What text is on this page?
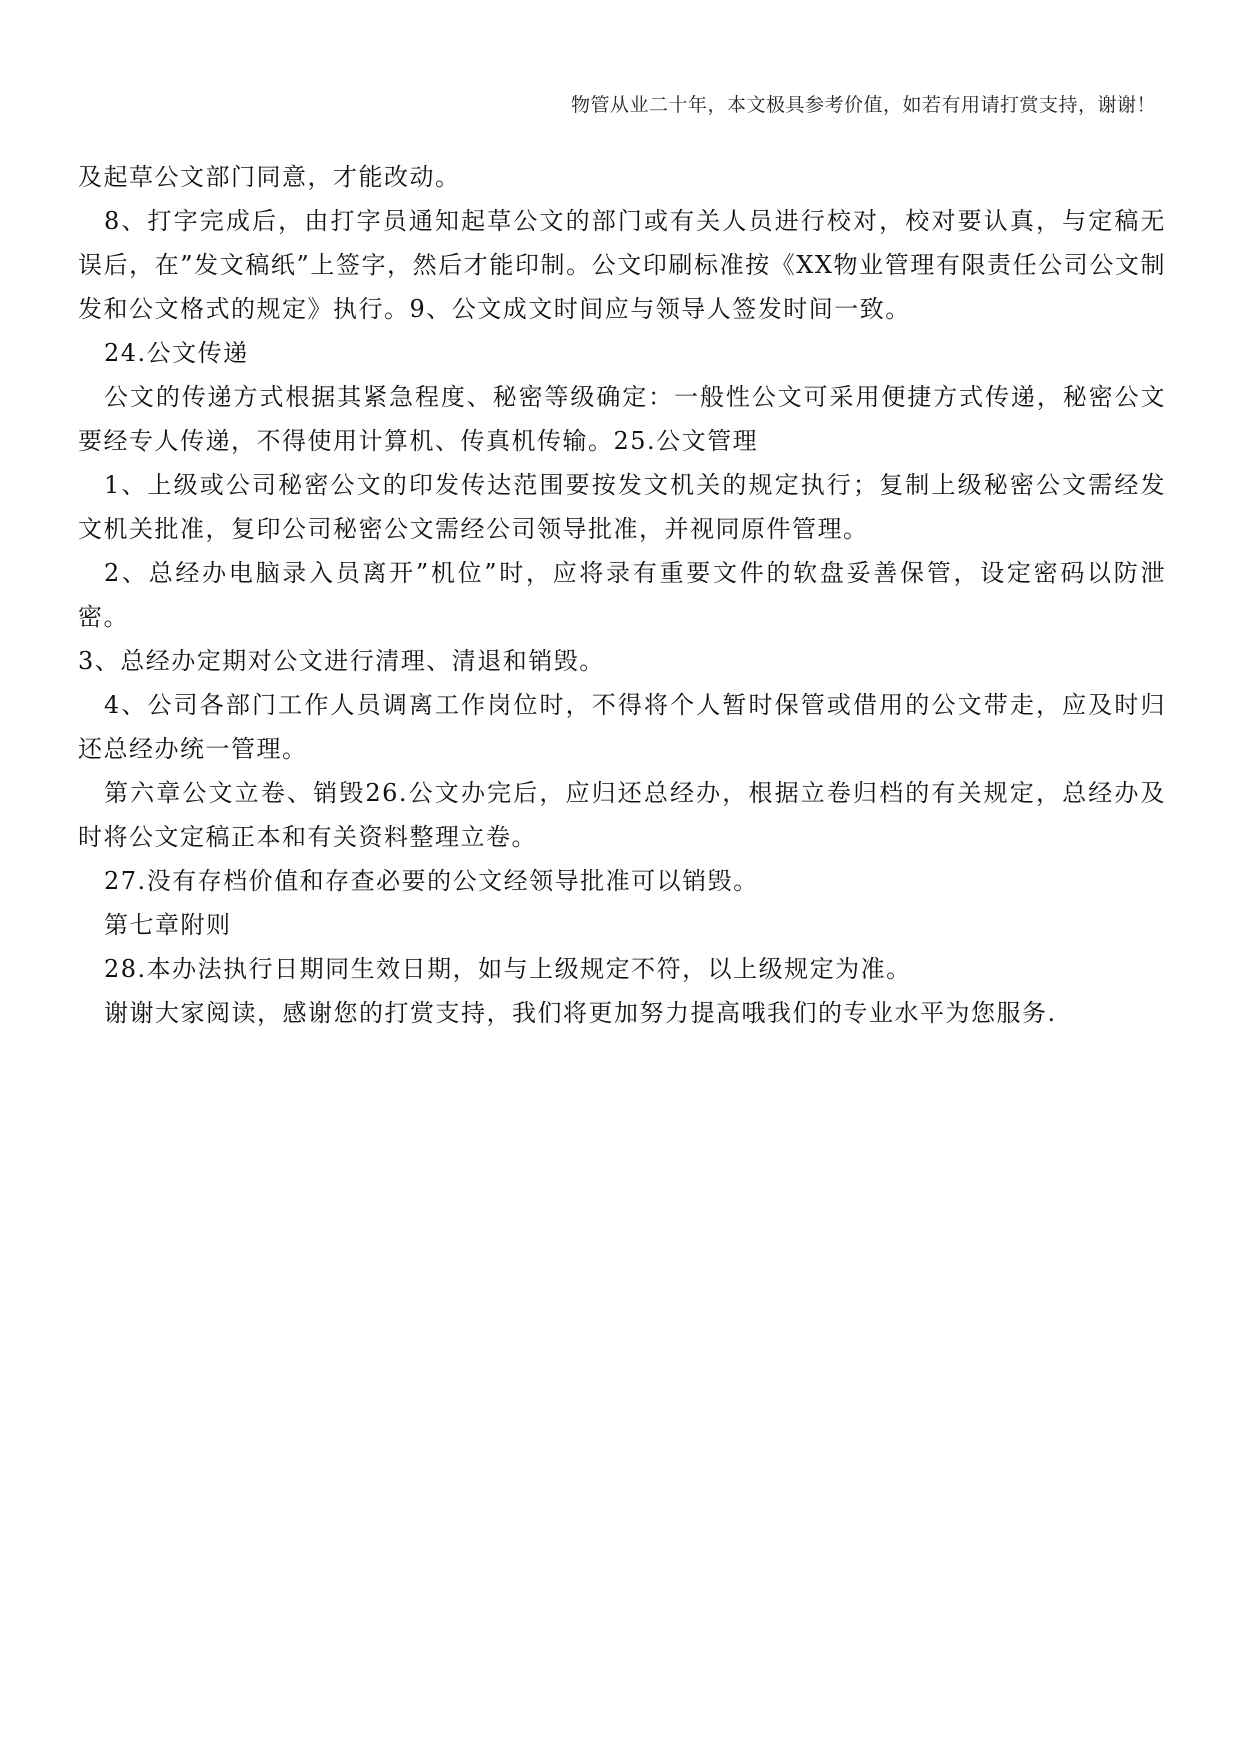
物管从业二十年，本文极具参考价值，如若有用请打赏支持，谢谢！

及起草公文部门同意，才能改动。

8、打字完成后，由打字员通知起草公文的部门或有关人员进行校对，校对要认真，与定稿无误后，在”发文稿纸”上签字，然后才能印制。公文印刷标准按《XX物业管理有限责任公司公文制发和公文格式的规定》执行。9、公文成文时间应与领导人签发时间一致。

24.公文传递

公文的传递方式根据其紧急程度、秘密等级确定：一般性公文可采用便捷方式传递，秘密公文要经专人传递，不得使用计算机、传真机传输。25.公文管理

1、上级或公司秘密公文的印发传达范围要按发文机关的规定执行；复制上级秘密公文需经发文机关批准，复印公司秘密公文需经公司领导批准，并视同原件管理。

2、总经办电脑录入员离开”机位”时，应将录有重要文件的软盘妥善保管，设定密码以防泄密。

3、总经办定期对公文进行清理、清退和销毁。

4、公司各部门工作人员调离工作岗位时，不得将个人暂时保管或借用的公文带走，应及时归还总经办统一管理。

第六章公文立卷、销毁26.公文办完后，应归还总经办，根据立卷归档的有关规定，总经办及时将公文定稿正本和有关资料整理立卷。

27.没有存档价值和存查必要的公文经领导批准可以销毁。

第七章附则

28.本办法执行日期同生效日期，如与上级规定不符，以上级规定为准。

谢谢大家阅读，感谢您的打赏支持，我们将更加努力提高哦我们的专业水平为您服务.
